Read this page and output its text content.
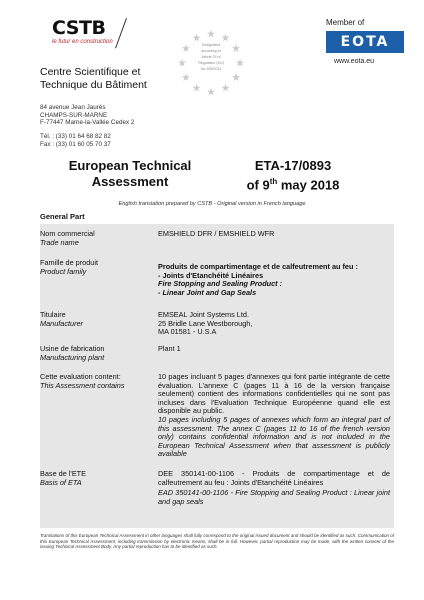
CSTB
le futur en construction	Designated
according to
Article 29 of
Regulation (EU)
No 305/2011
Member of
EOTA
www.eota.eu
Centre Scientifique et Technique du Bâtiment
84 avenue Jean Jaurès
CHAMPS-SUR-MARNE
F-77447 Marne-la-Vallée Cedex 2
Tél. : (33) 01 64 68 82 82
Fax : (33) 01 60 05 70 37
European Technical Assessment
ETA-17/0893
of 9th may 2018
English translation prepared by CSTB - Original version in French language
General Part
Nom commercial
Trade name
EMSHIELD DFR / EMSHIELD WFR
Famille de produit
Product family
Produits de compartimentage et de calfeutrement au feu :
- Joints d'Etanchéité Linéaires
Fire Stopping and Sealing Product :
- Linear Joint and Gap Seals
Titulaire
Manufacturer
EMSEAL Joint Systems Ltd.
25 Bridle Lane Westborough,
MA 01581 - U.S.A
Usine de fabrication
Manufacturing plant
Plant 1
Cette evaluation content:
This Assessment contains
10 pages incluant 5 pages d'annexes qui font partie intégrante de cette évaluation. L'annexe C (pages 11 à 16 de la version française seulement) contient des informations confidentielles qui ne sont pas incluses dans l'Evaluation Technique Européenne quand elle est disponible au public.
10 pages including 5 pages of annexes which form an integral part of this assessment. The annex C (pages 11 to 16 of the french version only) contains confidential information and is not included in the European Technical Assessment when that assessment is publicly available
Base de l'ETE
Basis of ETA
DEE 350141-00-1106 - Produits de compartimentage et de calfeutrement au feu : Joints d'Etanchéité Linéaires
EAD 350141-00-1106 - Fire Stopping and Sealing Product : Linear joint and gap seals
Translations of this European Technical Assessment in other languages shall fully correspond to the original issued document and should be identified as such. Communication of this European Technical Assessment, including transmission by electronic means, shall be in full. However, partial reproduction may be made, with the written consent of the issuing Technical Assessment Body. Any partial reproduction has to be identified as such.
